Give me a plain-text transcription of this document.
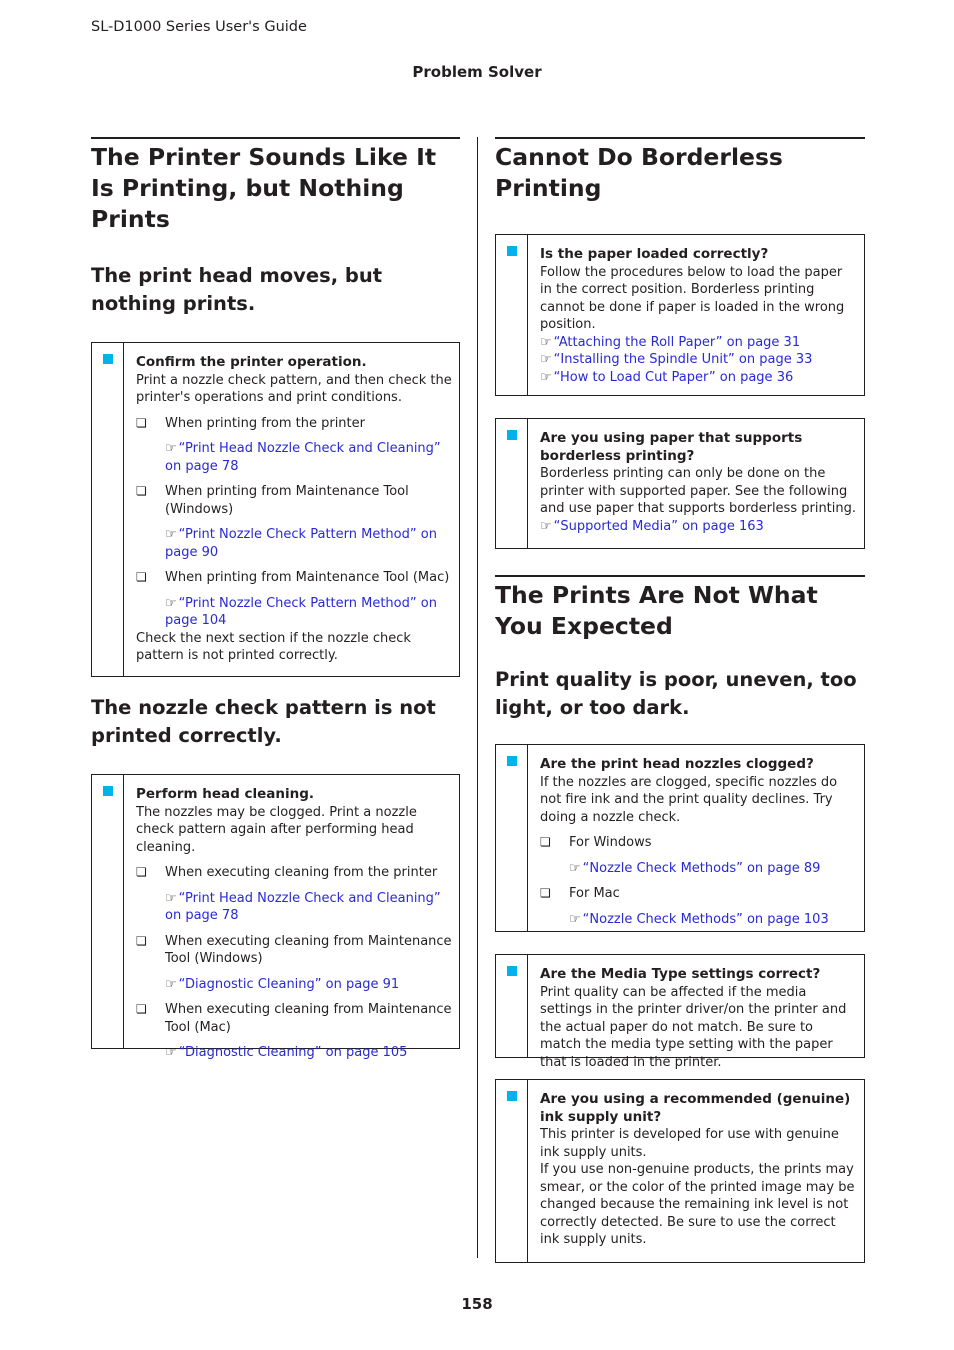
SL-D1000 Series User's Guide
Problem Solver
The Printer Sounds Like It Is Printing, but Nothing Prints
The print head moves, but nothing prints.

Confirm the printer operation.

Print a nozzle check pattern, and then check the printer's operations and print conditions.

❏	When printing from the printer
☞ “Print Head Nozzle Check and Cleaning” on page 78
❏	When printing from Maintenance Tool (Windows)
☞ “Print Nozzle Check Pattern Method” on page 90
❏	When printing from Maintenance Tool (Mac)
☞ “Print Nozzle Check Pattern Method” on page 104

Check the next section if the nozzle check pattern is not printed correctly.

The nozzle check pattern is not printed correctly.

Perform head cleaning.

The nozzles may be clogged. Print a nozzle check pattern again after performing head cleaning.

❏	When executing cleaning from the printer
☞ “Print Head Nozzle Check and Cleaning” on page 78
❏	When executing cleaning from Maintenance Tool (Windows)
☞ “Diagnostic Cleaning” on page 91
❏	When executing cleaning from Maintenance Tool (Mac)
☞ “Diagnostic Cleaning” on page 105
Cannot Do Borderless Printing

Is the paper loaded correctly?

Follow the procedures below to load the paper in the correct position. Borderless printing cannot be done if paper is loaded in the wrong position.

☞ “Attaching the Roll Paper” on page 31

☞ “Installing the Spindle Unit” on page 33

☞ “How to Load Cut Paper” on page 36

Are you using paper that supports borderless printing?

Borderless printing can only be done on the printer with supported paper. See the following and use paper that supports borderless printing.

☞ “Supported Media” on page 163

The Prints Are Not What You Expected
Print quality is poor, uneven, too light, or too dark.

Are the print head nozzles clogged?

If the nozzles are clogged, specific nozzles do not fire ink and the print quality declines. Try doing a nozzle check.

❏	For Windows
☞ “Nozzle Check Methods” on page 89
❏	For Mac
☞ “Nozzle Check Methods” on page 103

Are the Media Type settings correct?

Print quality can be affected if the media settings in the printer driver/on the printer and the actual paper do not match. Be sure to match the media type setting with the paper that is loaded in the printer.

Are you using a recommended (genuine) ink supply unit?

This printer is developed for use with genuine ink supply units.

If you use non-genuine products, the prints may smear, or the color of the printed image may be changed because the remaining ink level is not correctly detected. Be sure to use the correct ink supply units.

158
